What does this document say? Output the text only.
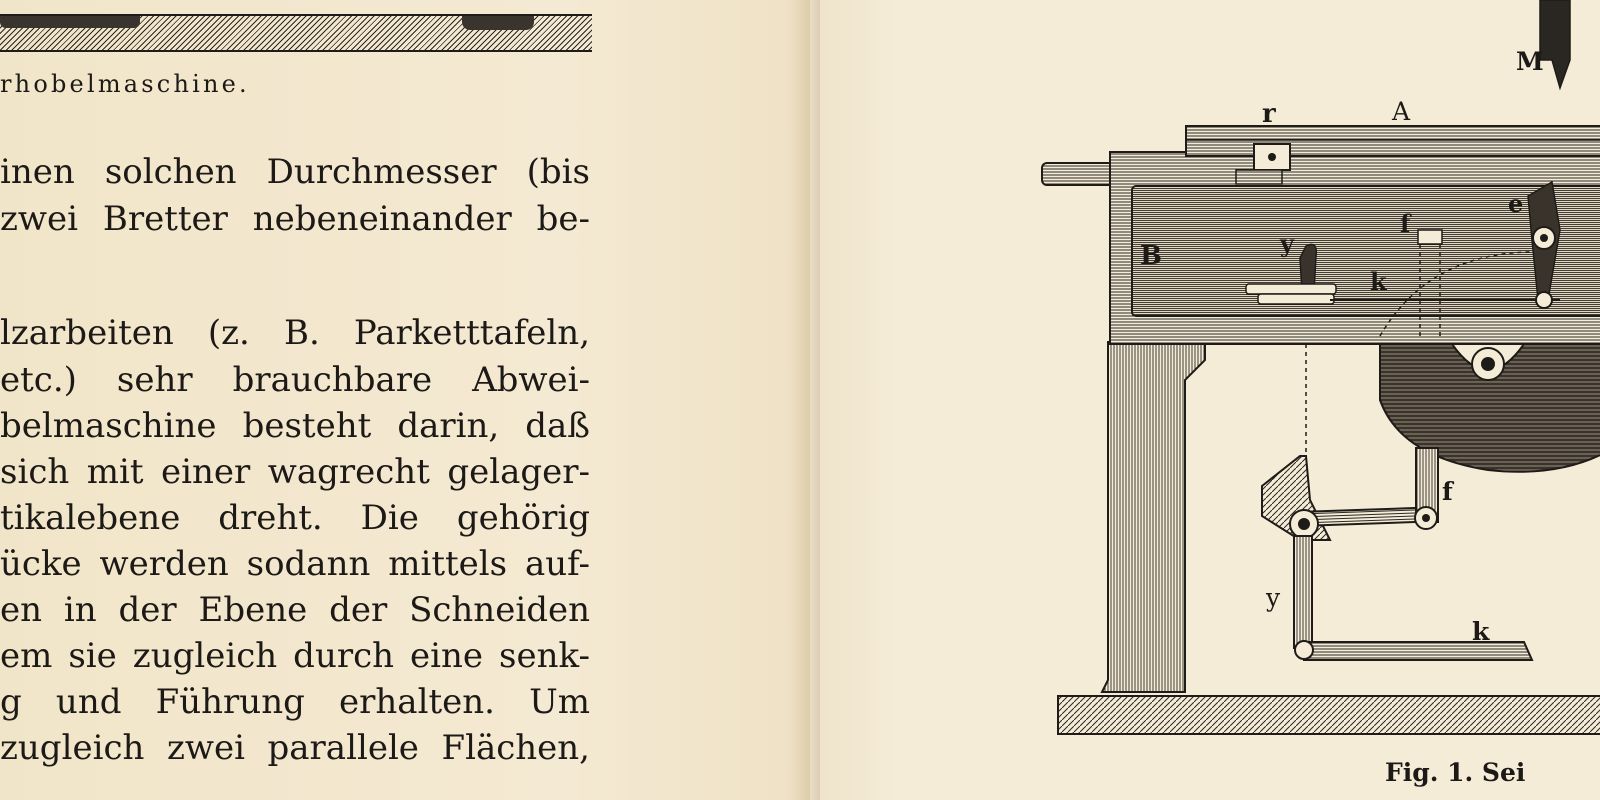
rhobelmaschine.
inen solchen Durchmesser (bis
zwei Bretter nebeneinander be-
lzarbeiten (z. B. Parketttafeln,
etc.) sehr brauchbare Abwei-
belmaschine besteht darin, daß
sich mit einer wagrecht gelager-
tikalebene dreht. Die gehörig
ücke werden sodann mittels auf-
en in der Ebene der Schneiden
em sie zugleich durch eine senk-
g und Führung erhalten. Um
zugleich zwei parallele Flächen,
M
r	A
B
e
f
y
k
f
y
k
Fig. 1. Sei
